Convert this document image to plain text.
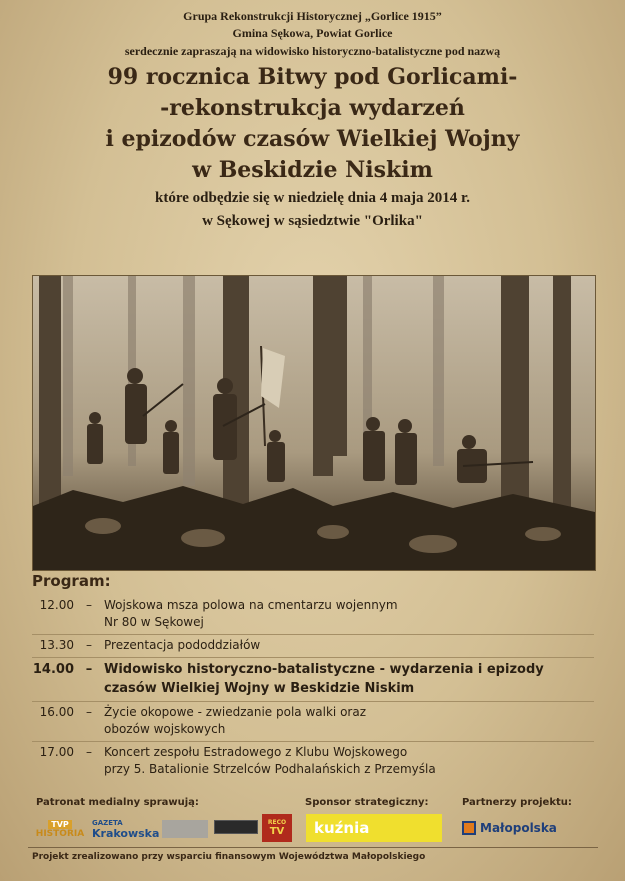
Grupa Rekonstrukcji Historycznej „Gorlice 1915”
Gmina Sękowa, Powiat Gorlice
serdecznie zapraszają na widowisko historyczno-batalistyczne pod nazwą
99 rocznica Bitwy pod Gorlicami-
-rekonstrukcja wydarzeń
i epizodów czasów Wielkiej Wojny
w Beskidzie Niskim
które odbędzie się w niedzielę dnia 4 maja 2014 r.
w Sękowej w sąsiedztwie "Orlika"
Program:
12.00	–	Wojskowa msza polowa na cmentarzu wojennym
Nr 80 w Sękowej
13.30	–	Prezentacja pododdziałów
14.00 – Widowisko historyczno-batalistyczne - wydarzenia i epizody
czasów Wielkiej Wojny w Beskidzie Niskim
16.00	–	Życie okopowe - zwiedzanie pola walki oraz
obozów wojskowych
17.00	–	Koncert zespołu Estradowego z Klubu Wojskowego
przy 5. Batalionie Strzelców Podhalańskich z Przemyśla
Patronat medialny sprawują:	Sponsor strategiczny:	Partnerzy projektu:
TVP
HISTORIA
GAZETA
Krakowska
RECO
TV kuźnia	Małopolska
Projekt zrealizowano przy wsparciu finansowym Województwa Małopolskiego
